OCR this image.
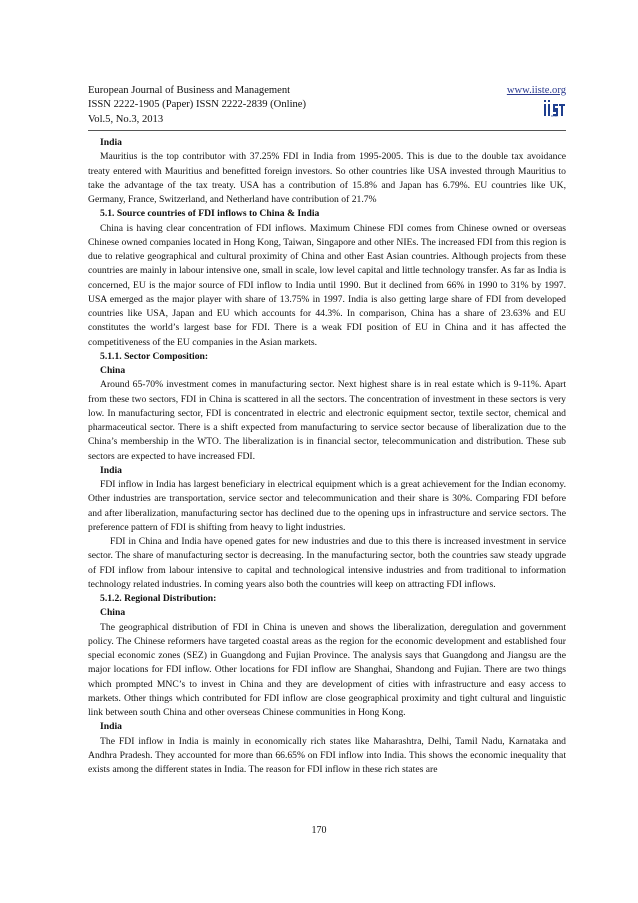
European Journal of Business and Management
ISSN 2222-1905 (Paper) ISSN 2222-2839 (Online)
Vol.5, No.3, 2013
www.iiste.org
IISTE
India

Mauritius is the top contributor with 37.25% FDI in India from 1995-2005. This is due to the double tax avoidance treaty entered with Mauritius and benefitted foreign investors. So other countries like USA invested through Mauritius to take the advantage of the tax treaty. USA has a contribution of 15.8% and Japan has 6.79%. EU countries like UK, Germany, France, Switzerland, and Netherland have contribution of 21.7%

5.1. Source countries of FDI inflows to China & India

China is having clear concentration of FDI inflows. Maximum Chinese FDI comes from Chinese owned or overseas Chinese owned companies located in Hong Kong, Taiwan, Singapore and other NIEs. The increased FDI from this region is due to relative geographical and cultural proximity of China and other East Asian countries. Although projects from these countries are mainly in labour intensive one, small in scale, low level capital and little technology transfer. As far as India is concerned, EU is the major source of FDI inflow to India until 1990. But it declined from 66% in 1990 to 31% by 1997. USA emerged as the major player with share of 13.75% in 1997. India is also getting large share of FDI from developed countries like USA, Japan and EU which accounts for 44.3%. In comparison, China has a share of 23.63% and EU constitutes the world’s largest base for FDI. There is a weak FDI position of EU in China and it has affected the competitiveness of the EU companies in the Asian markets.

5.1.1. Sector Composition:
China

Around 65-70% investment comes in manufacturing sector. Next highest share is in real estate which is 9-11%. Apart from these two sectors, FDI in China is scattered in all the sectors. The concentration of investment in these sectors is very low. In manufacturing sector, FDI is concentrated in electric and electronic equipment sector, textile sector, chemical and pharmaceutical sector. There is a shift expected from manufacturing to service sector because of liberalization due to the China’s membership in the WTO. The liberalization is in financial sector, telecommunication and distribution. These sub sectors are expected to have increased FDI.

India

FDI inflow in India has largest beneficiary in electrical equipment which is a great achievement for the Indian economy. Other industries are transportation, service sector and telecommunication and their share is 30%. Comparing FDI before and after liberalization, manufacturing sector has declined due to the opening ups in infrastructure and service sectors. The preference pattern of FDI is shifting from heavy to light industries.

FDI in China and India have opened gates for new industries and due to this there is increased investment in service sector. The share of manufacturing sector is decreasing. In the manufacturing sector, both the countries saw steady upgrade of FDI inflow from labour intensive to capital and technological intensive industries and from traditional to information technology related industries. In coming years also both the countries will keep on attracting FDI inflows.

5.1.2. Regional Distribution:
China

The geographical distribution of FDI in China is uneven and shows the liberalization, deregulation and government policy. The Chinese reformers have targeted coastal areas as the region for the economic development and established four special economic zones (SEZ) in Guangdong and Fujian Province. The analysis says that Guangdong and Jiangsu are the major locations for FDI inflow. Other locations for FDI inflow are Shanghai, Shandong and Fujian. There are two things which prompted MNC’s to invest in China and they are development of cities with infrastructure and easy access to markets. Other things which contributed for FDI inflow are close geographical proximity and tight cultural and linguistic link between south China and other overseas Chinese communities in Hong Kong.

India

The FDI inflow in India is mainly in economically rich states like Maharashtra, Delhi, Tamil Nadu, Karnataka and Andhra Pradesh. They accounted for more than 66.65% on FDI inflow into India. This shows the economic inequality that exists among the different states in India. The reason for FDI inflow in these rich states are

170
